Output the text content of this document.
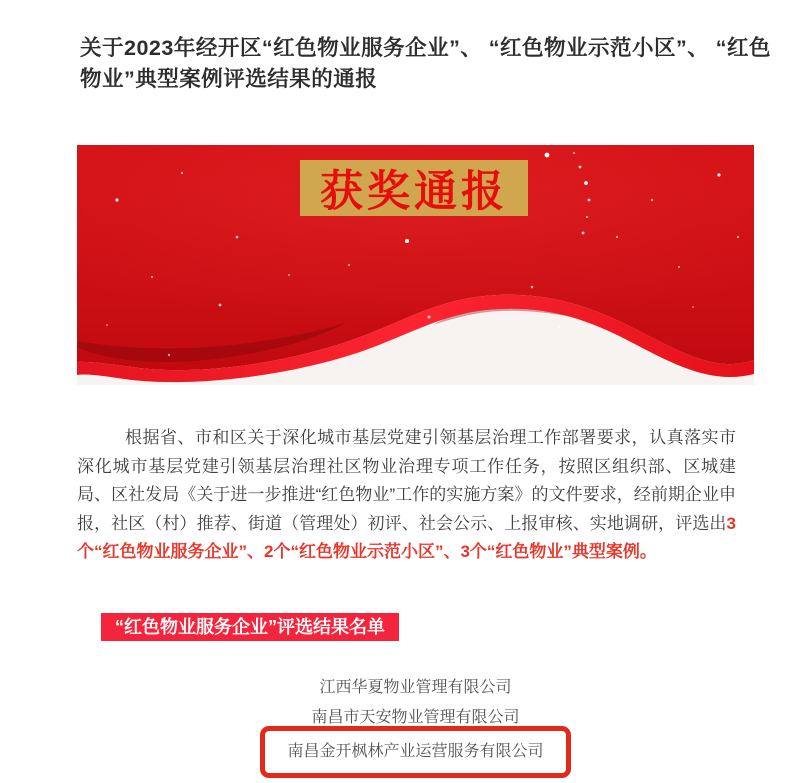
关于2023年经开区“红色物业服务企业”、 “红色物业示范小区”、 “红色物业”典型案例评选结果的通报
获奖通报

根据省、市和区关于深化城市基层党建引领基层治理工作部署要求，认真落实市深化城市基层党建引领基层治理社区物业治理专项工作任务，按照区组织部、区城建局、区社发局《关于进一步推进“红色物业”工作的实施方案》的文件要求，经前期企业申报，社区（村）推荐、街道（管理处）初评、社会公示、上报审核、实地调研，评选出3个“红色物业服务企业”、2个“红色物业示范小区”、3个“红色物业”典型案例。

“红色物业服务企业”评选结果名单
江西华夏物业管理有限公司
南昌市天安物业管理有限公司
南昌金开枫林产业运营服务有限公司
